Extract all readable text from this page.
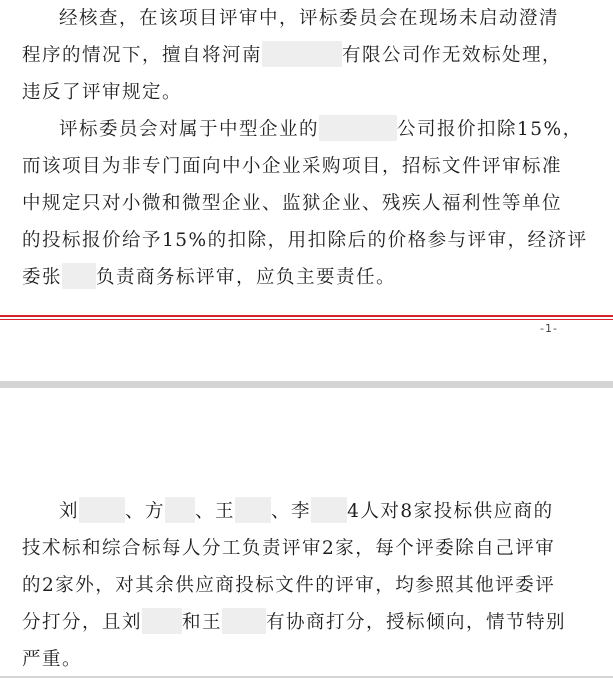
经核查，在该项目评审中，评标委员会在现场未启动澄清
程序的情况下，擅自将河南	有限公司作无效标处理，
违反了评审规定。
评标委员会对属于中型企业的	公司报价扣除15%，
而该项目为非专门面向中小企业采购项目，招标文件评审标准
中规定只对小微和微型企业、监狱企业、残疾人福利性等单位
的投标报价给予15%的扣除，用扣除后的价格参与评审，经济评
委张 负责商务标评审，应负主要责任。
-1-
刘 、方 、王 、李 4人对8家投标供应商的
技术标和综合标每人分工负责评审2家，每个评委除自己评审
的2家外，对其余供应商投标文件的评审，均参照其他评委评
分打分，且刘 和王 有协商打分，授标倾向，情节特别
严重。
